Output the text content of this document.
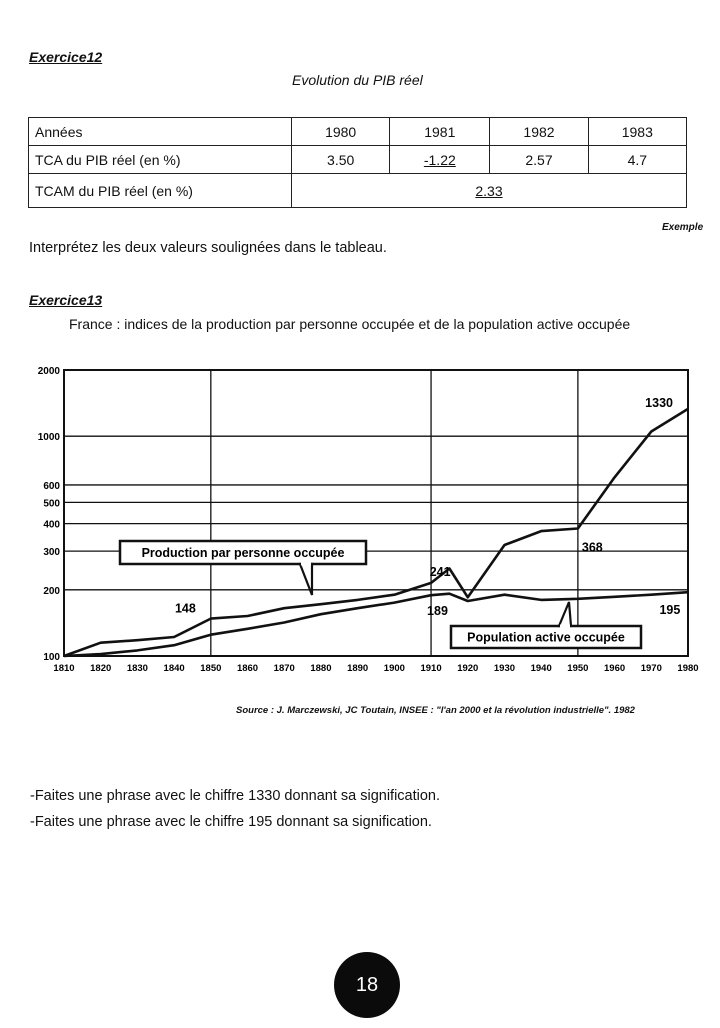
Exercice12
Evolution du PIB réel
Années	1980	1981	1982	1983
TCA du PIB réel (en %)	3.50	-1.22	2.57	4.7
TCAM du PIB réel (en %)	2.33			
Exemple
Interprétez les deux valeurs soulignées dans le tableau.
Exercice13
France : indices de la production par personne occupée et de la population active occupée
100
200
300
400
500
600
1000
2000
1810 1820 1830 1840 1850 1860 1870 1880 1890 1900 1910 1920 1930 1940 1950 1960 1970 1980
1330
368
241
148	189	195
Production par personne occupée
Population active occupée
Source : J. Marczewski, JC Toutain, INSEE : "l'an 2000 et la révolution industrielle". 1982
-Faites une phrase avec le chiffre 1330 donnant sa signification.
-Faites une phrase avec le chiffre 195 donnant sa signification.
18
